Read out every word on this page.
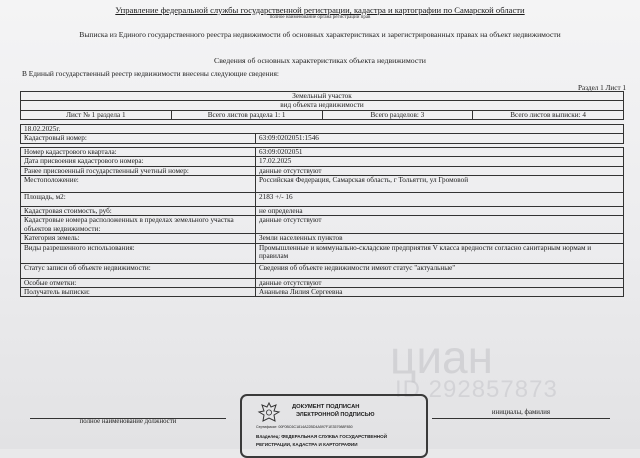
Управление федеральной службы государственной регистрации, кадастра и картографии по Самарской области
полное наименование органа регистрации прав
Выписка из Единого государственного реестра недвижимости об основных характеристиках и зарегистрированных правах на объект недвижимости
Сведения об основных характеристиках объекта недвижимости
В Единый государственный реестр недвижимости внесены следующие сведения:
Раздел 1 Лист 1
Земельный участок
вид объекта недвижимости
Лист № 1 раздела 1	Всего листов раздела 1: 1	Всего разделов: 3	Всего листов выписки: 4
18.02.2025г.	
Кадастровый номер:	63:09:0202051:1546

Номер кадастрового квартала:	63:09:0202051
Дата присвоения кадастрового номера:	17.02.2025
Ранее присвоенный государственный учетный номер:	данные отсутствуют
Местоположение:	Российская Федерация, Самарская область, г Тольятти, ул Громовой
Площадь, м2:	2183 +/- 16
Кадастровая стоимость, руб:	не определена
Кадастровые номера расположенных в пределах земельного участка объектов недвижимости:	данные отсутствуют
Категория земель:	Земли населенных пунктов
Виды разрешенного использования:	Промышленные и коммунально-складские предприятия V класса вредности согласно санитарным нормам и правилам
Статус записи об объекте недвижимости:	Сведения об объекте недвижимости имеют статус "актуальные"
Особые отметки:	данные отсутствуют
Получатель выписки:	Ананьева Лилия Сергеевна
циан
ID 292857873
инициалы, фамилия
полное наименование должности
ДОКУМЕНТ ПОДПИСАН
ЭЛЕКТРОННОЙ ПОДПИСЬЮ
Сертификат: 00F0BC6C1814A22BD4A597F1E357988F850
Владелец: ФЕДЕРАЛЬНАЯ СЛУЖБА ГОСУДАРСТВЕННОЙ
РЕГИСТРАЦИИ, КАДАСТРА И КАРТОГРАФИИ
